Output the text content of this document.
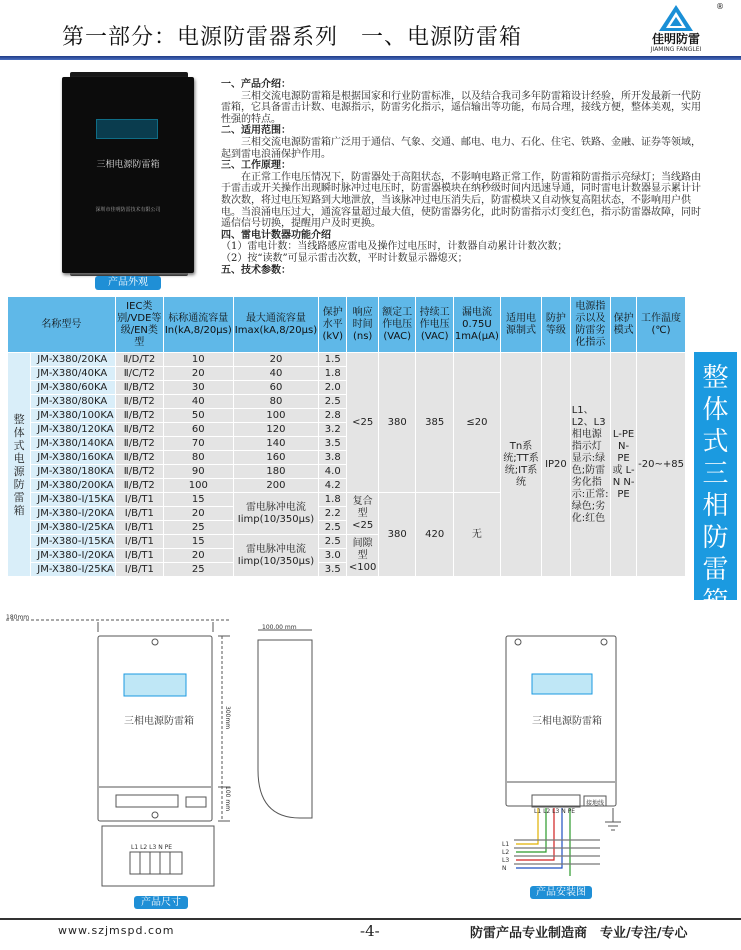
第一部分：电源防雷器系列　一、电源防雷箱	佳明防雷
JIAMING FANGLEI
®
三相电源防雷箱
深圳市佳明防雷技术有限公司
产品外观

一、产品介绍：

三相交流电源防雷箱是根据国家和行业防雷标准，以及结合我司多年防雷箱设计经验，所开发最新一代防雷箱，它具备雷击计数、电源指示，防雷劣化指示，遥信输出等功能，布局合理，接线方便，整体美观，实用性强的特点。

二、适用范围：

三相交流电源防雷箱广泛用于通信、气象、交通、邮电、电力、石化、住宅、铁路、金融、证券等领域，起到雷电浪涌保护作用。

三、工作原理：

在正常工作电压情况下，防雷器处于高阻状态，不影响电路正常工作，防雷箱防雷指示亮绿灯；当线路由于雷击或开关操作出现瞬时脉冲过电压时，防雷器模块在纳秒级时间内迅速导通，同时雷电计数器显示累计计数次数，将过电压短路到大地泄放，当该脉冲过电压消失后，防雷模块又自动恢复高阻状态，不影响用户供电。当浪涌电压过大，通流容量超过最大值，使防雷器劣化，此时防雷指示灯变红色，指示防雷器故障，同时遥信信号切换，提醒用户及时更换。

四、雷电计数器功能介绍

（1）雷电计数：当线路感应雷电及操作过电压时，计数器自动累计计数次数；

（2）按“读数”可显示雷击次数，平时计数显示器熄灭；

五、技术参数：

名称型号		IEC类别/VDE等级/EN类型	标称通流容量In(kA,8/20μs)	最大通流容量Imax(kA,8/20μs)	保护水平(kV)	响应时间(ns)	额定工作电压(VAC)	持续工作电压(VAC)	漏电流0.75U 1mA(μA)	适用电源制式	防护等级	电源指示以及防雷劣化指示	保护模式	工作温度(℃)
整体式电源防雷箱	JM-X380/20KA	Ⅱ/D/T2	10	20	1.5	<25	380	385	≤20	Tn系统;TT系统;IT系统	IP20	L1、L2、L3相电源指示灯显示:绿色;防雷劣化指示:正常:绿色;劣化:红色	L-PE N-PE 或 L-N N-PE	-20~+85
	JM-X380/40KA	Ⅱ/C/T2	20	40	1.8									
	JM-X380/60KA	Ⅱ/B/T2	30	60	2.0									
	JM-X380/80KA	Ⅱ/B/T2	40	80	2.5									
	JM-X380/100KA	Ⅱ/B/T2	50	100	2.8									
	JM-X380/120KA	Ⅱ/B/T2	60	120	3.2									
	JM-X380/140KA	Ⅱ/B/T2	70	140	3.5									
	JM-X380/160KA	Ⅱ/B/T2	80	160	3.8									
	JM-X380/180KA	Ⅱ/B/T2	90	180	4.0									
	JM-X380/200KA	Ⅱ/B/T2	100	200	4.2									
	JM-X380-I/15KA	Ⅰ/B/T1	15	雷电脉冲电流Iimp(10/350μs)	1.8	复合型<25	380	420	无					
	JM-X380-I/20KA	Ⅰ/B/T1	20		2.2									
	JM-X380-I/25KA	Ⅰ/B/T1	25		2.5									
	JM-X380-I/15KA	Ⅰ/B/T1	15	雷电脉冲电流Iimp(10/350μs)	2.5	间隙型<100								
	JM-X380-I/20KA	Ⅰ/B/T1	20		3.0									
	JM-X380-I/25KA	Ⅰ/B/T1	25		3.5									
整体式三相防雷箱
180mm
100.00 mm
300mm
100 mm
三相电源防雷箱	三相电源防雷箱
L1 L2 L3 N PE
L1 L2 L3 N PE
接地线
L1
L2
L3
N
产品尺寸
产品安装图
www.szjmspd.com	-4-	防雷产品专业制造商　专业/专注/专心
